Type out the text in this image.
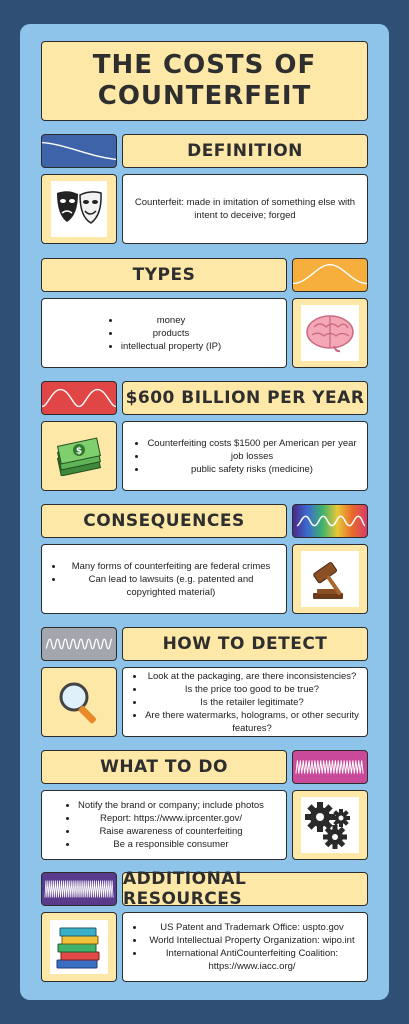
THE COSTS OF COUNTERFEIT
DEFINITION
Counterfeit: made in imitation of something else with intent to deceive; forged
TYPES
• money
• products
• intellectual property (IP)
$600 BILLION PER YEAR
$
• Counterfeiting costs $1500 per American per year
• job losses
• public safety risks (medicine)
CONSEQUENCES
• Many forms of counterfeiting are federal crimes
• Can lead to lawsuits (e.g. patented and copyrighted material)
HOW TO DETECT
• Look at the packaging, are there inconsistencies?
• Is the price too good to be true?
• Is the retailer legitimate?
• Are there watermarks, holograms, or other security features?
WHAT TO DO
• Notify the brand or company; include photos
• Report: https://www.iprcenter.gov/
• Raise awareness of counterfeiting
• Be a responsible consumer
ADDITIONAL RESOURCES
• US Patent and Trademark Office: uspto.gov
• World Intellectual Property Organization: wipo.int
• International AntiCounterfeiting Coalition: https://www.iacc.org/
